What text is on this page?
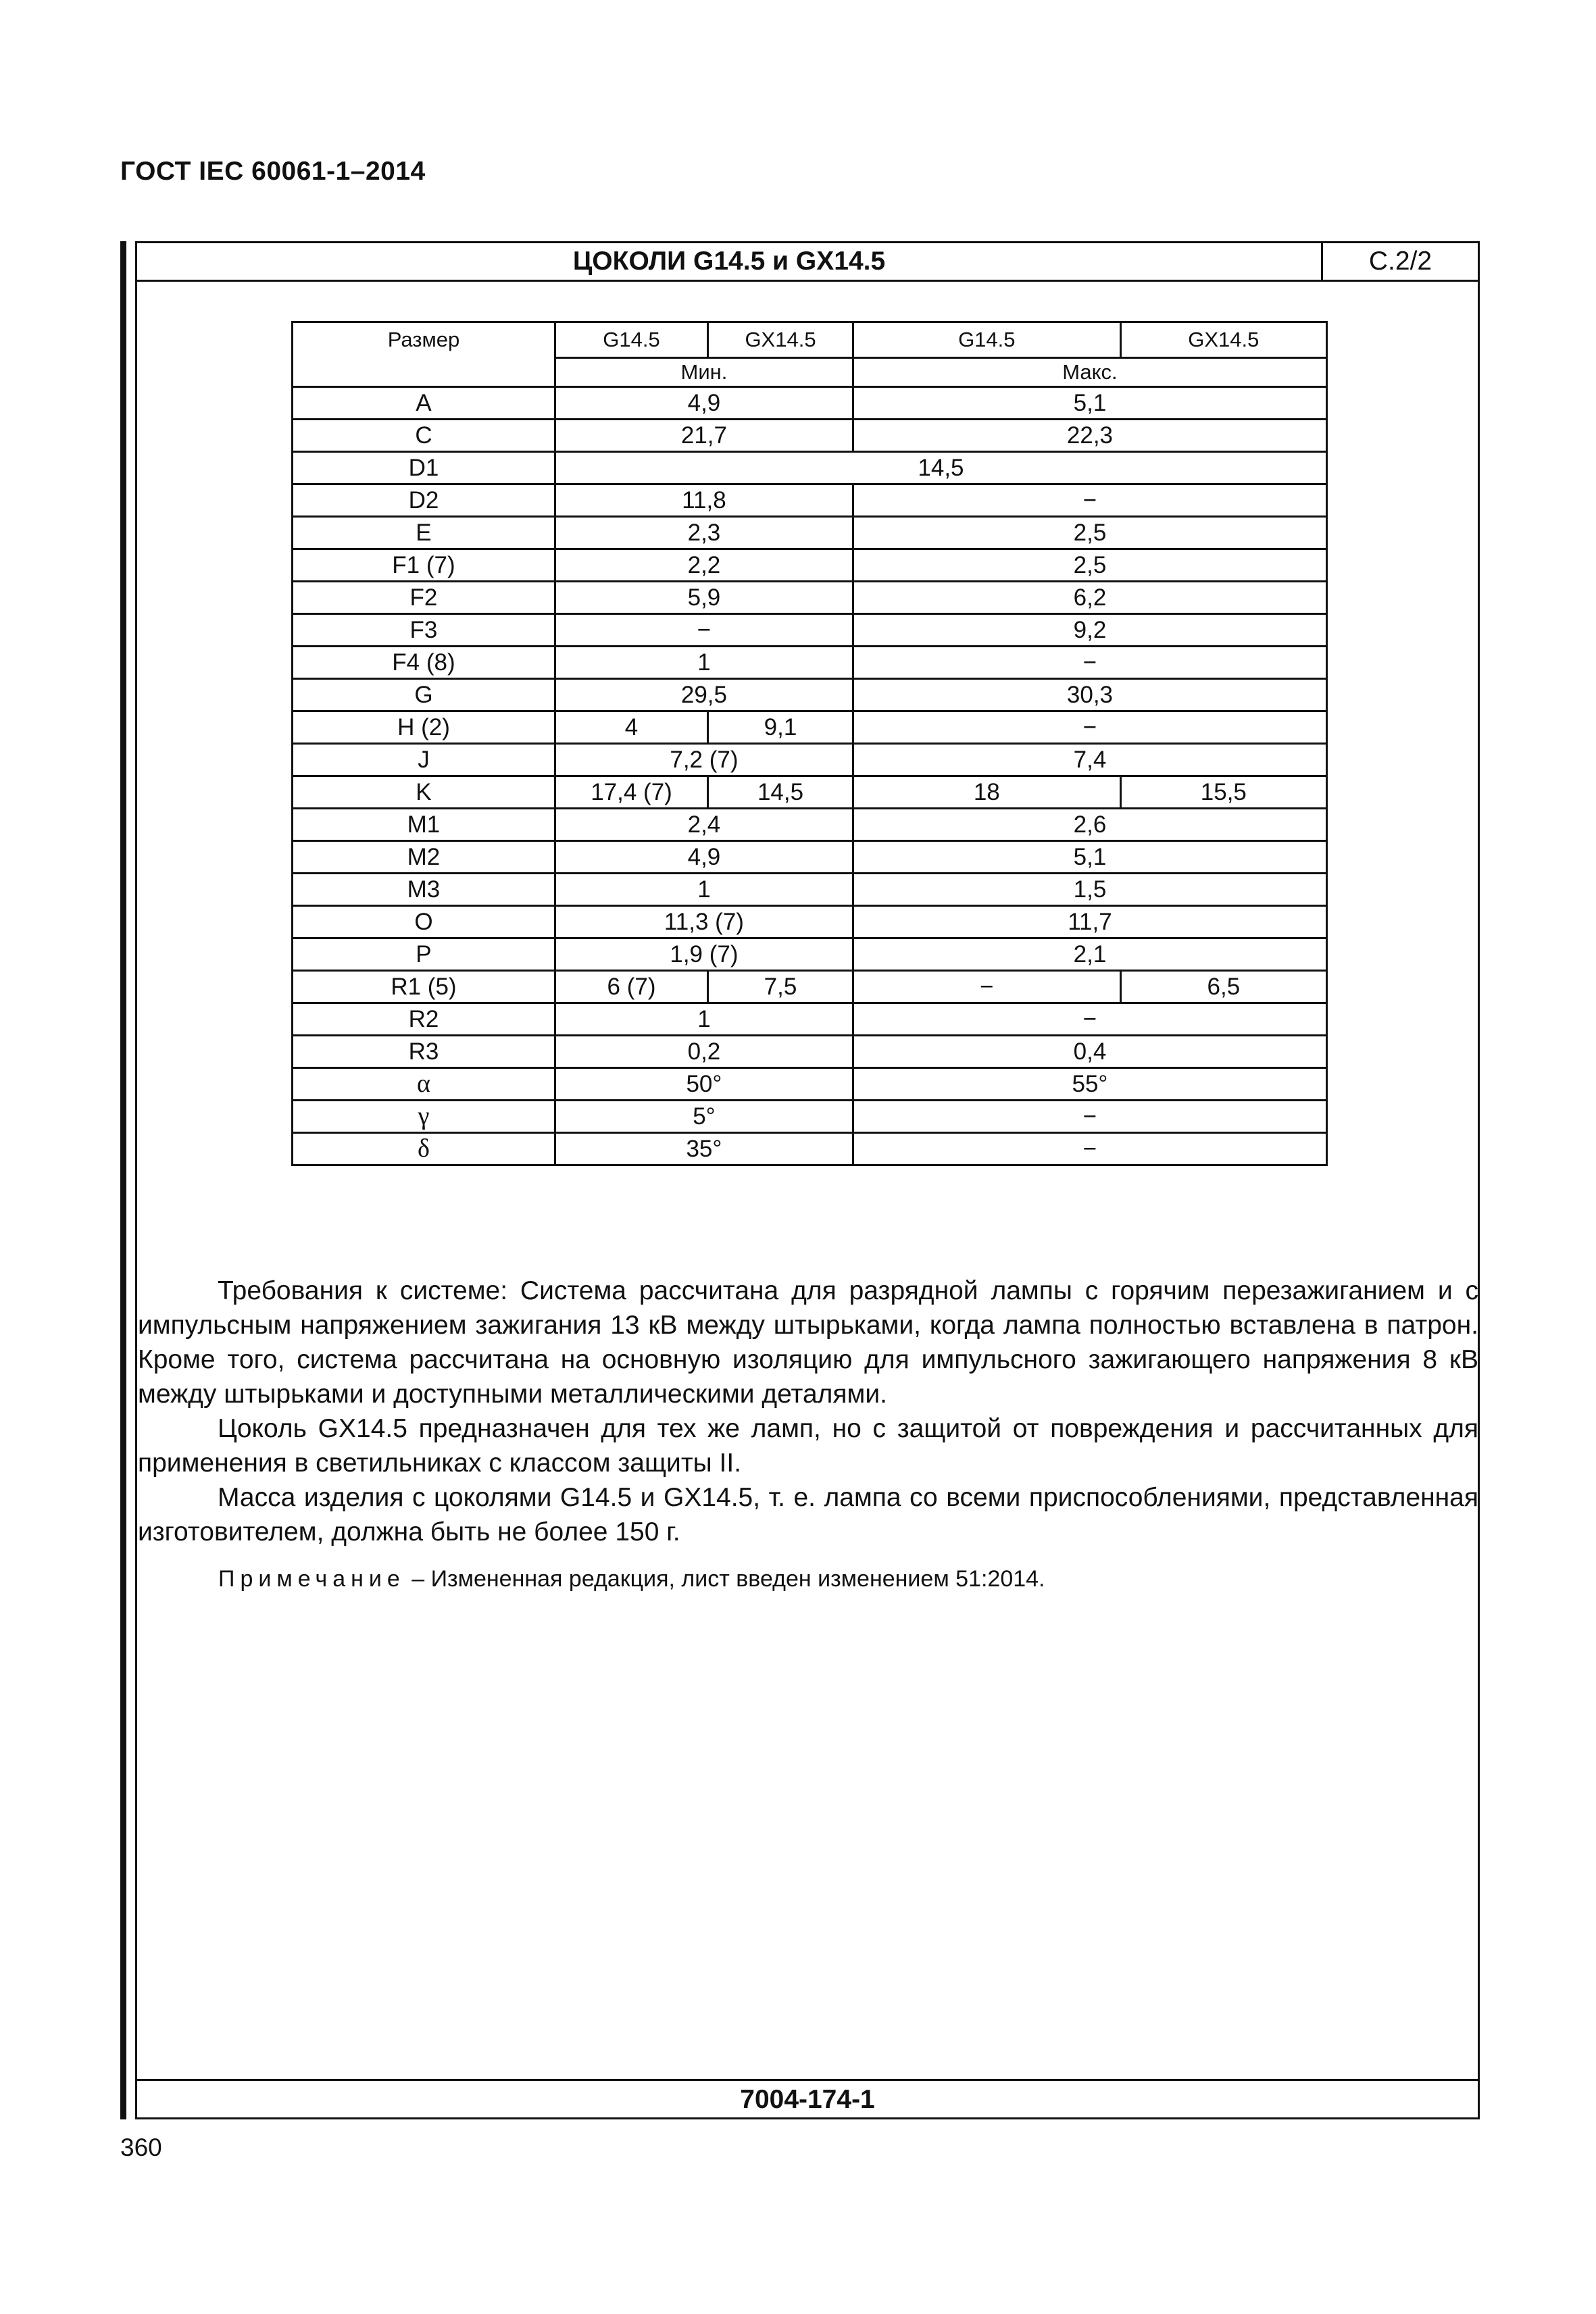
ГОСТ IEC 60061-1–2014
ЦОКОЛИ G14.5 и GX14.5	С.2/2
Размер	G14.5	GX14.5	G14.5	GX14.5
	Мин.		Макс.	
A	4,9		5,1	
C	21,7		22,3	
D1	14,5			
D2	11,8		−	
E	2,3		2,5	
F1 (7)	2,2		2,5	
F2	5,9		6,2	
F3	−		9,2	
F4 (8)	1		−	
G	29,5		30,3	
H (2)	4	9,1	−	
J	7,2 (7)		7,4	
K	17,4 (7)	14,5	18	15,5
M1	2,4		2,6	
M2	4,9		5,1	
M3	1		1,5	
O	11,3 (7)		11,7	
P	1,9 (7)		2,1	
R1 (5)	6 (7)	7,5	−	6,5
R2	1		−	
R3	0,2		0,4	
α	50°		55°	
γ	5°		−	
δ	35°		−	

Требования к системе: Система рассчитана для разрядной лампы с горячим перезажиганием и с импульсным напряжением зажигания 13 кВ между штырьками, когда лампа полностью вставлена в патрон. Кроме того, система рассчитана на основную изоляцию для импульсного зажигающего напряжения 8 кВ между штырьками и доступными металлическими деталями.

Цоколь GX14.5 предназначен для тех же ламп, но с защитой от повреждения и рассчитанных для применения в светильниках с классом защиты II.

Масса изделия с цоколями G14.5 и GX14.5, т. е. лампа со всеми приспособлениями, представленная изготовителем, должна быть не более 150 г.

Примечание – Измененная редакция, лист введен изменением 51:2014.
7004-174-1
360
